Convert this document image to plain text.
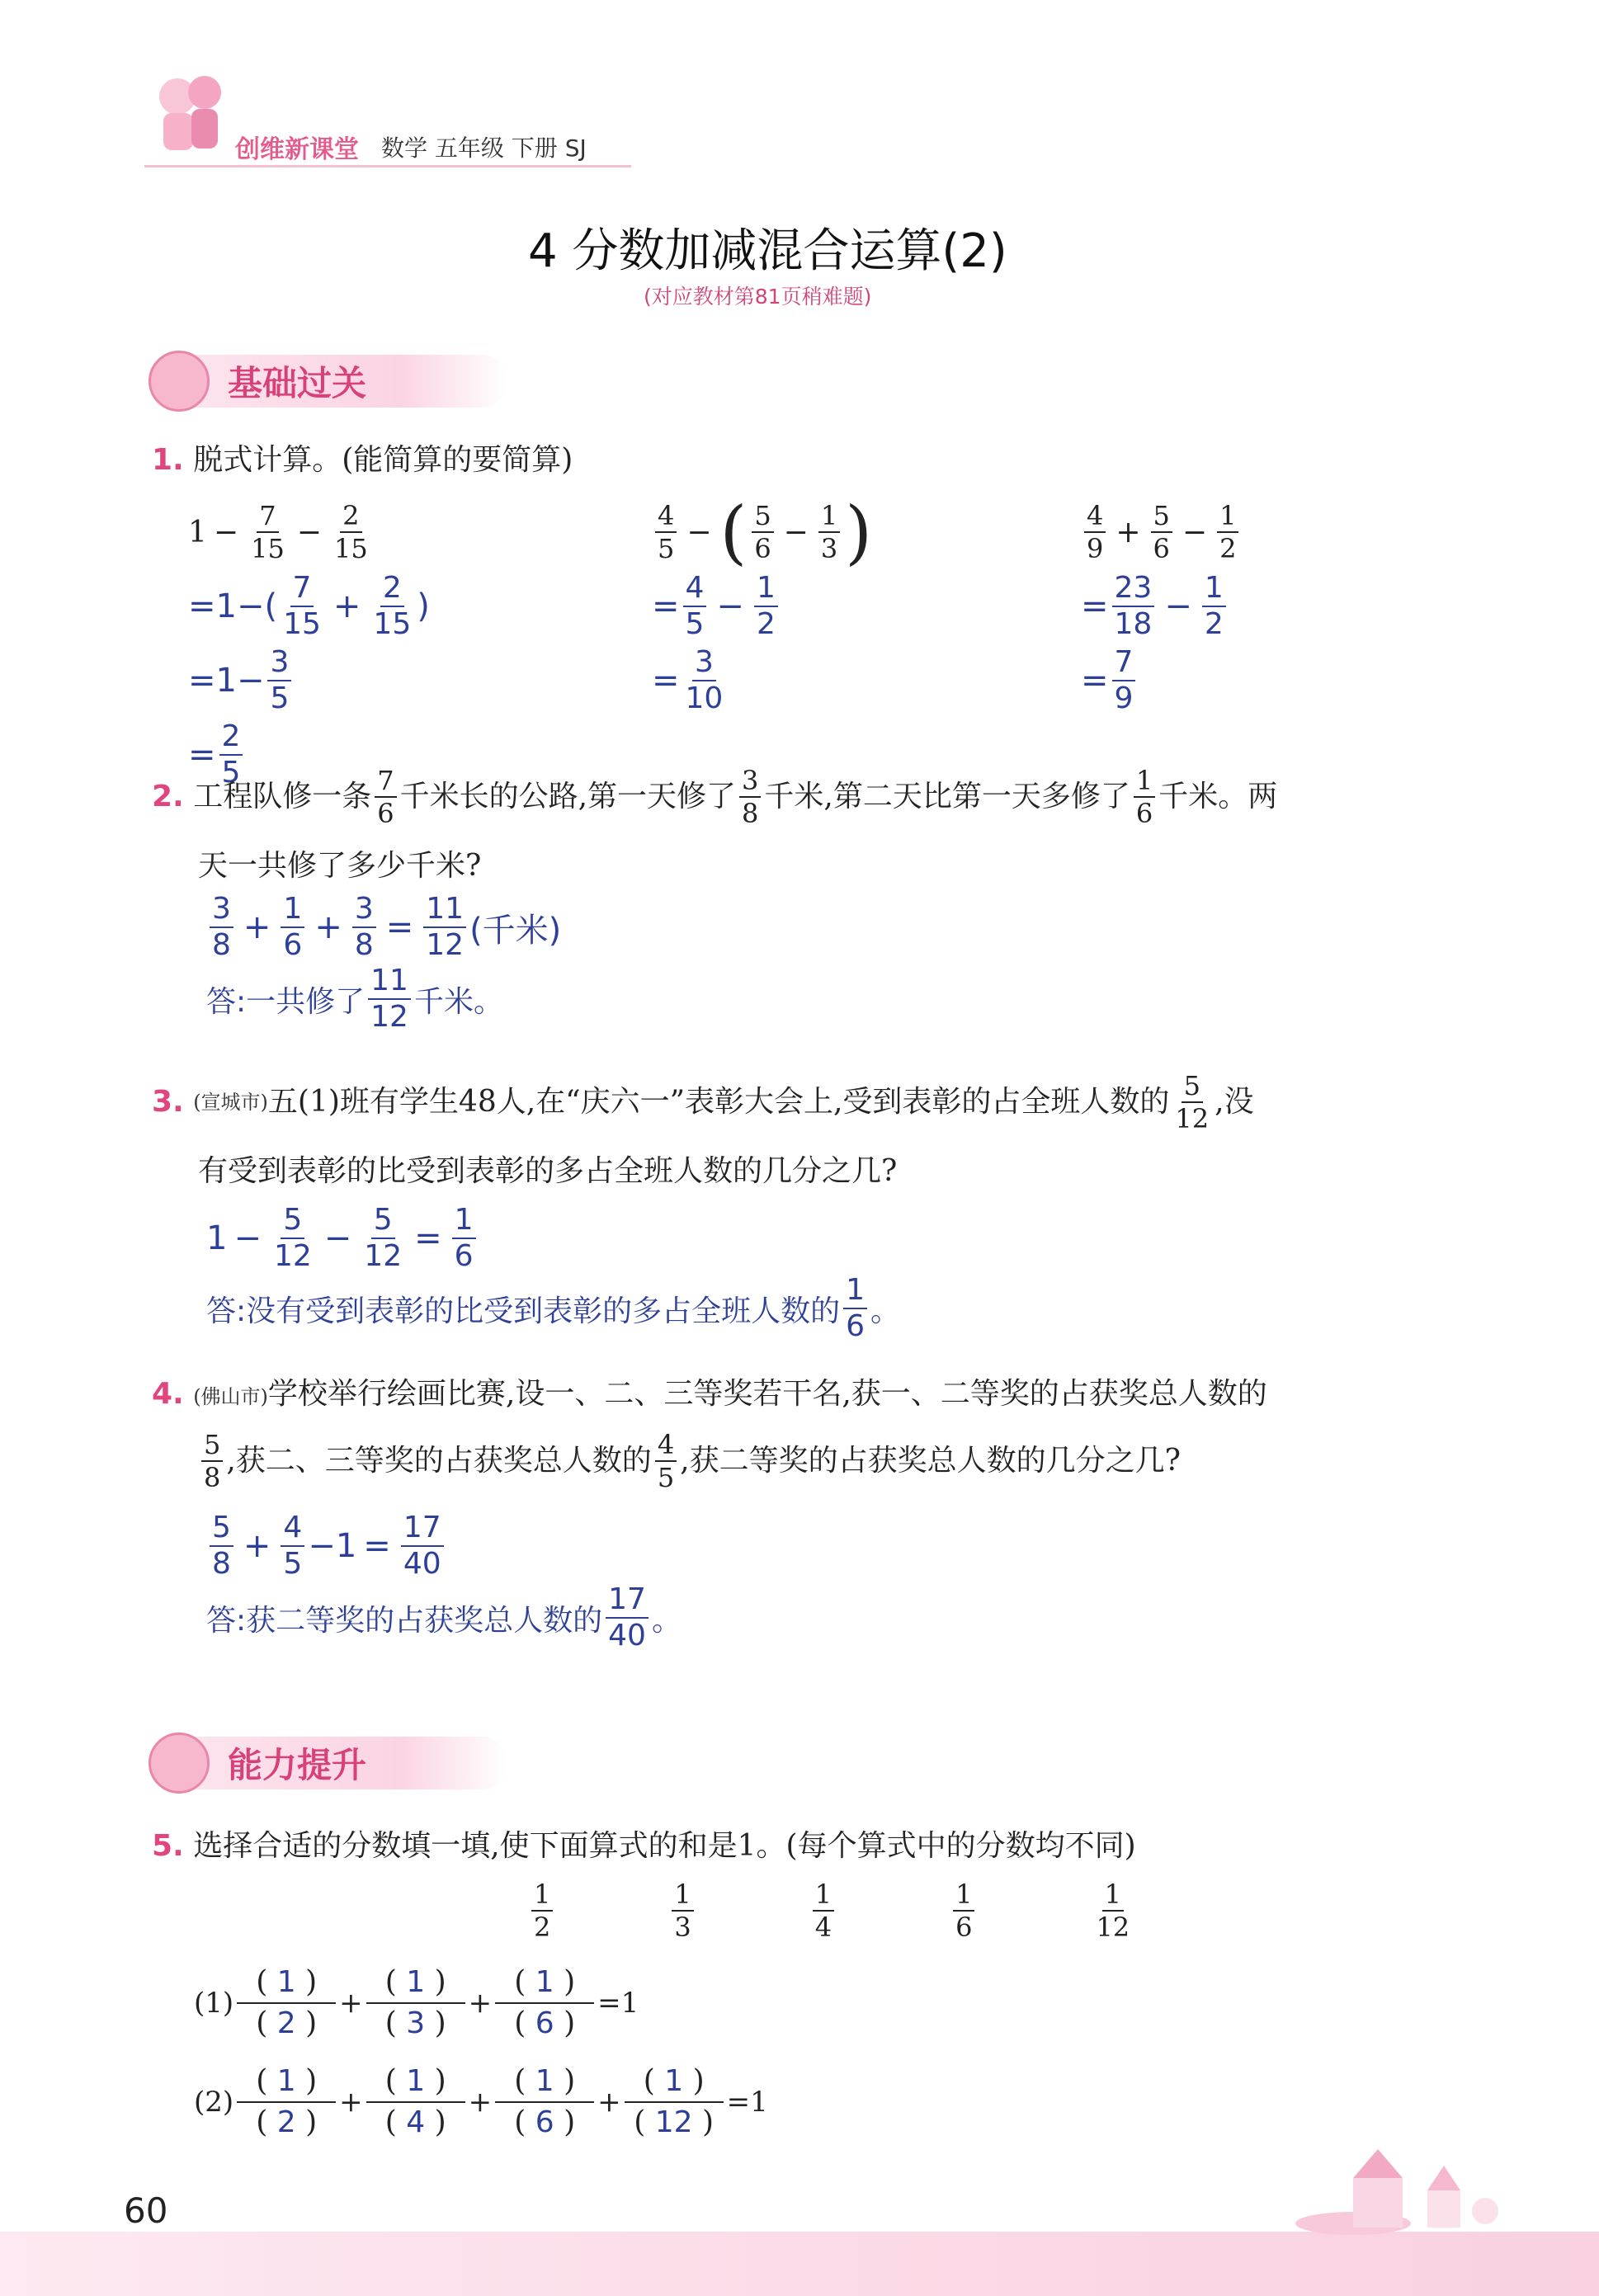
创维新课堂 数学 五年级 下册 SJ
4 分数加减混合运算(2)
(对应教材第81页稍难题)
基础过关
1. 脱式计算。(能简算的要简算)
$1 - \frac{7}{15} - \frac{2}{15}$
$=1-( \frac{7}{15} + \frac{2}{15}$ )
$=1- \frac{3}{5}$
= $\frac{2}{5}$
$\frac{4}{5}$ − ( $\frac{5}{6} - \frac{1}{3}$ )
= $\frac{4}{5} - \frac{1}{2}$
= $\frac{3}{10}$
$\frac{4}{9} + \frac{5}{6} - \frac{1}{2}$
= $\frac{23}{18} - \frac{1}{2}$
= $\frac{7}{9}$
2.
工程队修一条 $\frac{7}{6}$ 千米长的公路,第一天修了 $\frac{3}{8}$ 千米,第二天比第一天多修了 $\frac{1}{6}$ 千米。两
天一共修了多少千米?
$\frac{3}{8} + \frac{1}{6} + \frac{3}{8} = \frac{11}{12}$ (千米)
答:一共修了 $\frac{11}{12}$ 千米。
3.
(宣城市) 五(1)班有学生48人,在“庆六一”表彰大会上,受到表彰的占全班人数的 $\frac{5}{12}$ ,没
有受到表彰的比受到表彰的多占全班人数的几分之几?
$1 - \frac{5}{12} - \frac{5}{12} = \frac{1}{6}$
答:没有受到表彰的比受到表彰的多占全班人数的 $\frac{1}{6}$ 。
4. (佛山市)学校举行绘画比赛,设一、二、三等奖若干名,获一、二等奖的占获奖总人数的
$\frac{5}{8}$ ,获二、三等奖的占获奖总人数的 $\frac{4}{5}$ ,获二等奖的占获奖总人数的几分之几?
$\frac{5}{8} + \frac{4}{5} -1 = \frac{17}{40}$
答:获二等奖的占获奖总人数的 $\frac{17}{40}$ 。
能力提升
5. 选择合适的分数填一填,使下面算式的和是1。(每个算式中的分数均不同)
$\frac{1}{2}$	$\frac{1}{3}$	$\frac{1}{4}$	$\frac{1}{6}$	$\frac{1}{12}$
(1)
( 1 )
( 2 )
+ $\frac{( 1 )}{( 3 )} + \frac{( 1 )}{( 6 )} =1$
(2)
( 1 )
( 2 )
+ $\frac{( 1 )}{( 4 )} + \frac{( 1 )}{( 6 )} + \frac{( 1 )}{( 12 )} =1$
60
